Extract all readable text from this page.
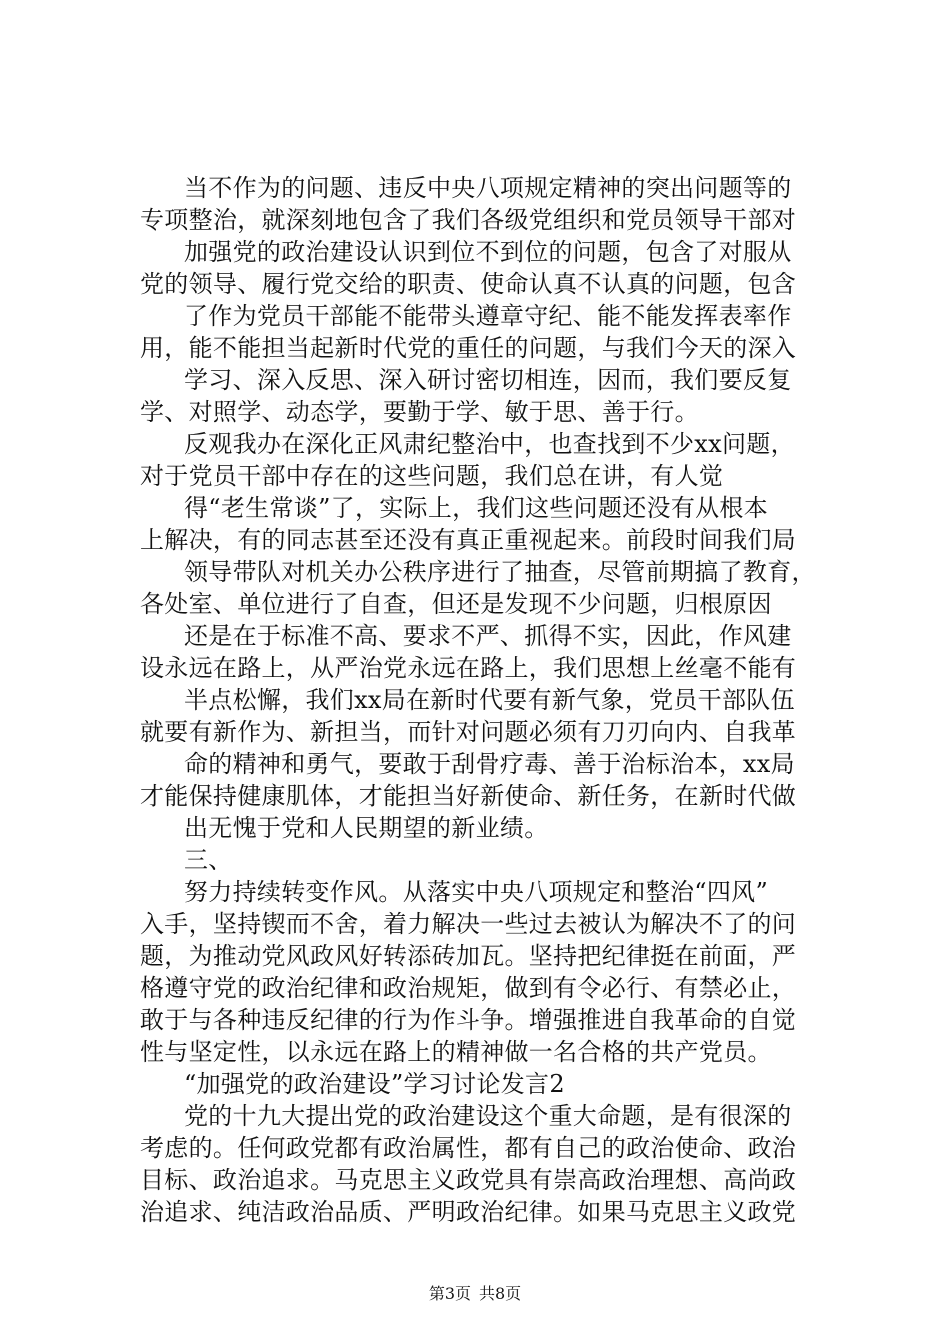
当不作为的问题、违反中央八项规定精神的突出问题等的
专项整治，就深刻地包含了我们各级党组织和党员领导干部对
加强党的政治建设认识到位不到位的问题，包含了对服从
党的领导、履行党交给的职责、使命认真不认真的问题，包含
了作为党员干部能不能带头遵章守纪、能不能发挥表率作
用，能不能担当起新时代党的重任的问题，与我们今天的深入
学习、深入反思、深入研讨密切相连，因而，我们要反复
学、对照学、动态学，要勤于学、敏于思、善于行。
反观我办在深化正风肃纪整治中，也查找到不少xx问题，
对于党员干部中存在的这些问题，我们总在讲，有人觉
得“老生常谈”了，实际上，我们这些问题还没有从根本
上解决，有的同志甚至还没有真正重视起来。前段时间我们局
领导带队对机关办公秩序进行了抽查，尽管前期搞了教育，
各处室、单位进行了自查，但还是发现不少问题，归根原因
还是在于标准不高、要求不严、抓得不实，因此，作风建
设永远在路上，从严治党永远在路上，我们思想上丝毫不能有
半点松懈，我们xx局在新时代要有新气象，党员干部队伍
就要有新作为、新担当，而针对问题必须有刀刃向内、自我革
命的精神和勇气，要敢于刮骨疗毒、善于治标治本，xx局
才能保持健康肌体，才能担当好新使命、新任务，在新时代做
出无愧于党和人民期望的新业绩。
三、
努力持续转变作风。从落实中央八项规定和整治“四风”
入手，坚持锲而不舍，着力解决一些过去被认为解决不了的问
题，为推动党风政风好转添砖加瓦。坚持把纪律挺在前面，严
格遵守党的政治纪律和政治规矩，做到有令必行、有禁必止，
敢于与各种违反纪律的行为作斗争。增强推进自我革命的自觉
性与坚定性，以永远在路上的精神做一名合格的共产党员。
“加强党的政治建设”学习讨论发言2
党的十九大提出党的政治建设这个重大命题，是有很深的
考虑的。任何政党都有政治属性，都有自己的政治使命、政治
目标、政治追求。马克思主义政党具有崇高政治理想、高尚政
治追求、纯洁政治品质、严明政治纪律。如果马克思主义政党
第3页 共8页
